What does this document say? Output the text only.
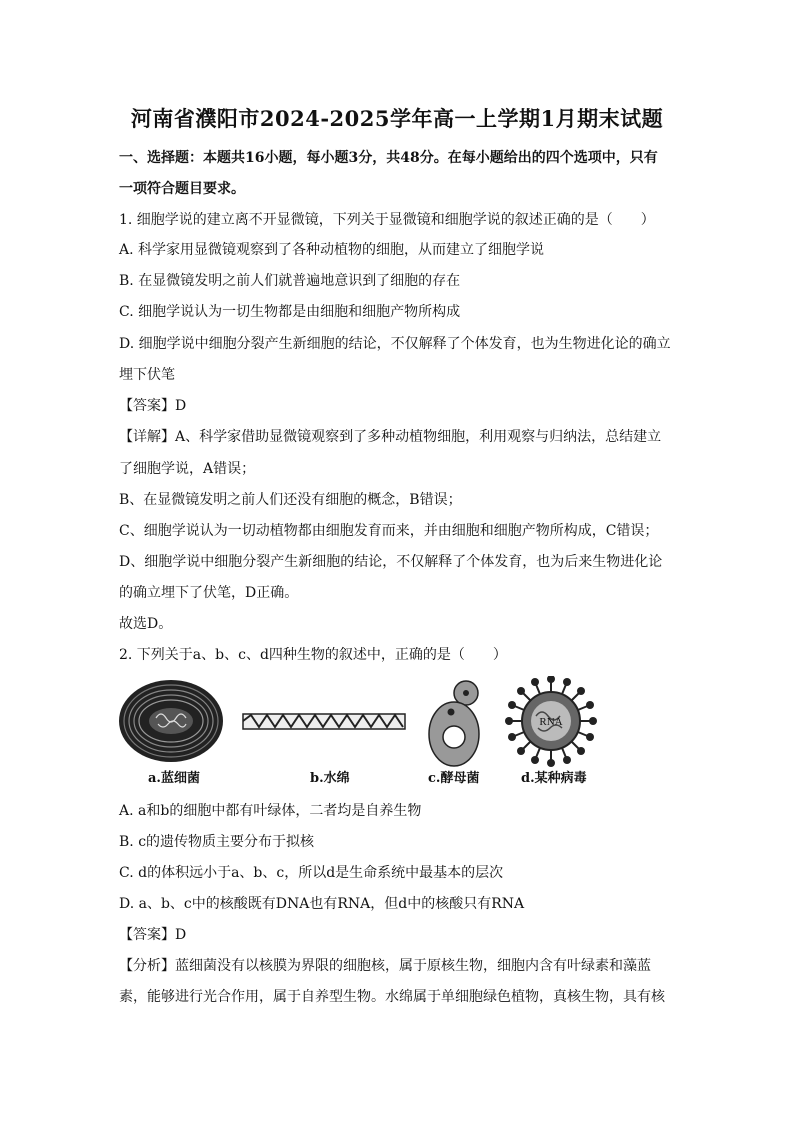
河南省濮阳市2024-2025学年高一上学期1月期末试题
一、选择题：本题共16小题，每小题3分，共48分。在每小题给出的四个选项中，只有
一项符合题目要求。
1. 细胞学说的建立离不开显微镜，下列关于显微镜和细胞学说的叙述正确的是（　　）
A. 科学家用显微镜观察到了各种动植物的细胞，从而建立了细胞学说
B. 在显微镜发明之前人们就普遍地意识到了细胞的存在
C. 细胞学说认为一切生物都是由细胞和细胞产物所构成
D. 细胞学说中细胞分裂产生新细胞的结论，不仅解释了个体发育，也为生物进化论的确立
埋下伏笔
【答案】D
【详解】A、科学家借助显微镜观察到了多种动植物细胞，利用观察与归纳法，总结建立
了细胞学说，A错误；
B、在显微镜发明之前人们还没有细胞的概念，B错误；
C、细胞学说认为一切动植物都由细胞发育而来，并由细胞和细胞产物所构成，C错误；
D、细胞学说中细胞分裂产生新细胞的结论，不仅解释了个体发育，也为后来生物进化论
的确立埋下了伏笔，D正确。
故选D。
2. 下列关于a、b、c、d四种生物的叙述中，正确的是（　　）
RNA
a.蓝细菌	b.水绵	c.酵母菌	d.某种病毒
A. a和b的细胞中都有叶绿体，二者均是自养生物
B. c的遗传物质主要分布于拟核
C. d的体积远小于a、b、c，所以d是生命系统中最基本的层次
D. a、b、c中的核酸既有DNA也有RNA，但d中的核酸只有RNA
【答案】D
【分析】蓝细菌没有以核膜为界限的细胞核，属于原核生物，细胞内含有叶绿素和藻蓝
素，能够进行光合作用，属于自养型生物。水绵属于单细胞绿色植物，真核生物，具有核
